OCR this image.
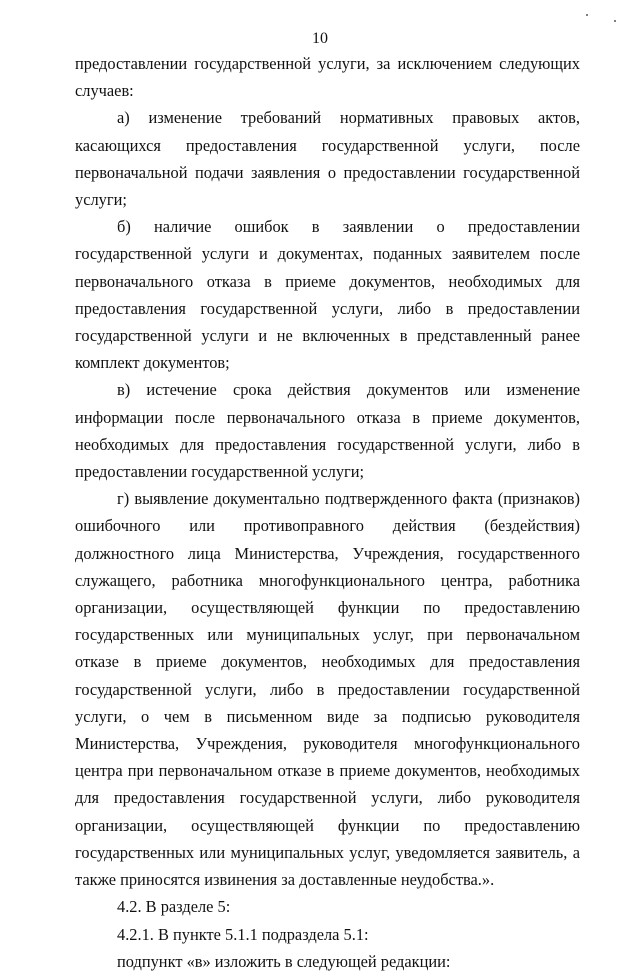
10

предоставлении государственной услуги, за исключением следующих случаев:

а) изменение требований нормативных правовых актов, касающихся предоставления государственной услуги, после первоначальной подачи заявления о предоставлении государственной услуги;

б) наличие ошибок в заявлении о предоставлении государственной услуги и документах, поданных заявителем после первоначального отказа в приеме документов, необходимых для предоставления государственной услуги, либо в предоставлении государственной услуги и не включенных в представленный ранее комплект документов;

в) истечение срока действия документов или изменение информации после первоначального отказа в приеме документов, необходимых для предоставления государственной услуги, либо в предоставлении государственной услуги;

г) выявление документально подтвержденного факта (признаков) ошибочного или противоправного действия (бездействия) должностного лица Министерства, Учреждения, государственного служащего, работника многофункционального центра, работника организации, осуществляющей функции по предоставлению государственных или муниципальных услуг, при первоначальном отказе в приеме документов, необходимых для предоставления государственной услуги, либо в предоставлении государственной услуги, о чем в письменном виде за подписью руководителя Министерства, Учреждения, руководителя многофункционального центра при первоначальном отказе в приеме документов, необходимых для предоставления государственной услуги, либо руководителя организации, осуществляющей функции по предоставлению государственных или муниципальных услуг, уведомляется заявитель, а также приносятся извинения за доставленные неудобства.».

4.2. В разделе 5:

4.2.1. В пункте 5.1.1 подраздела 5.1:

подпункт «в» изложить в следующей редакции:
